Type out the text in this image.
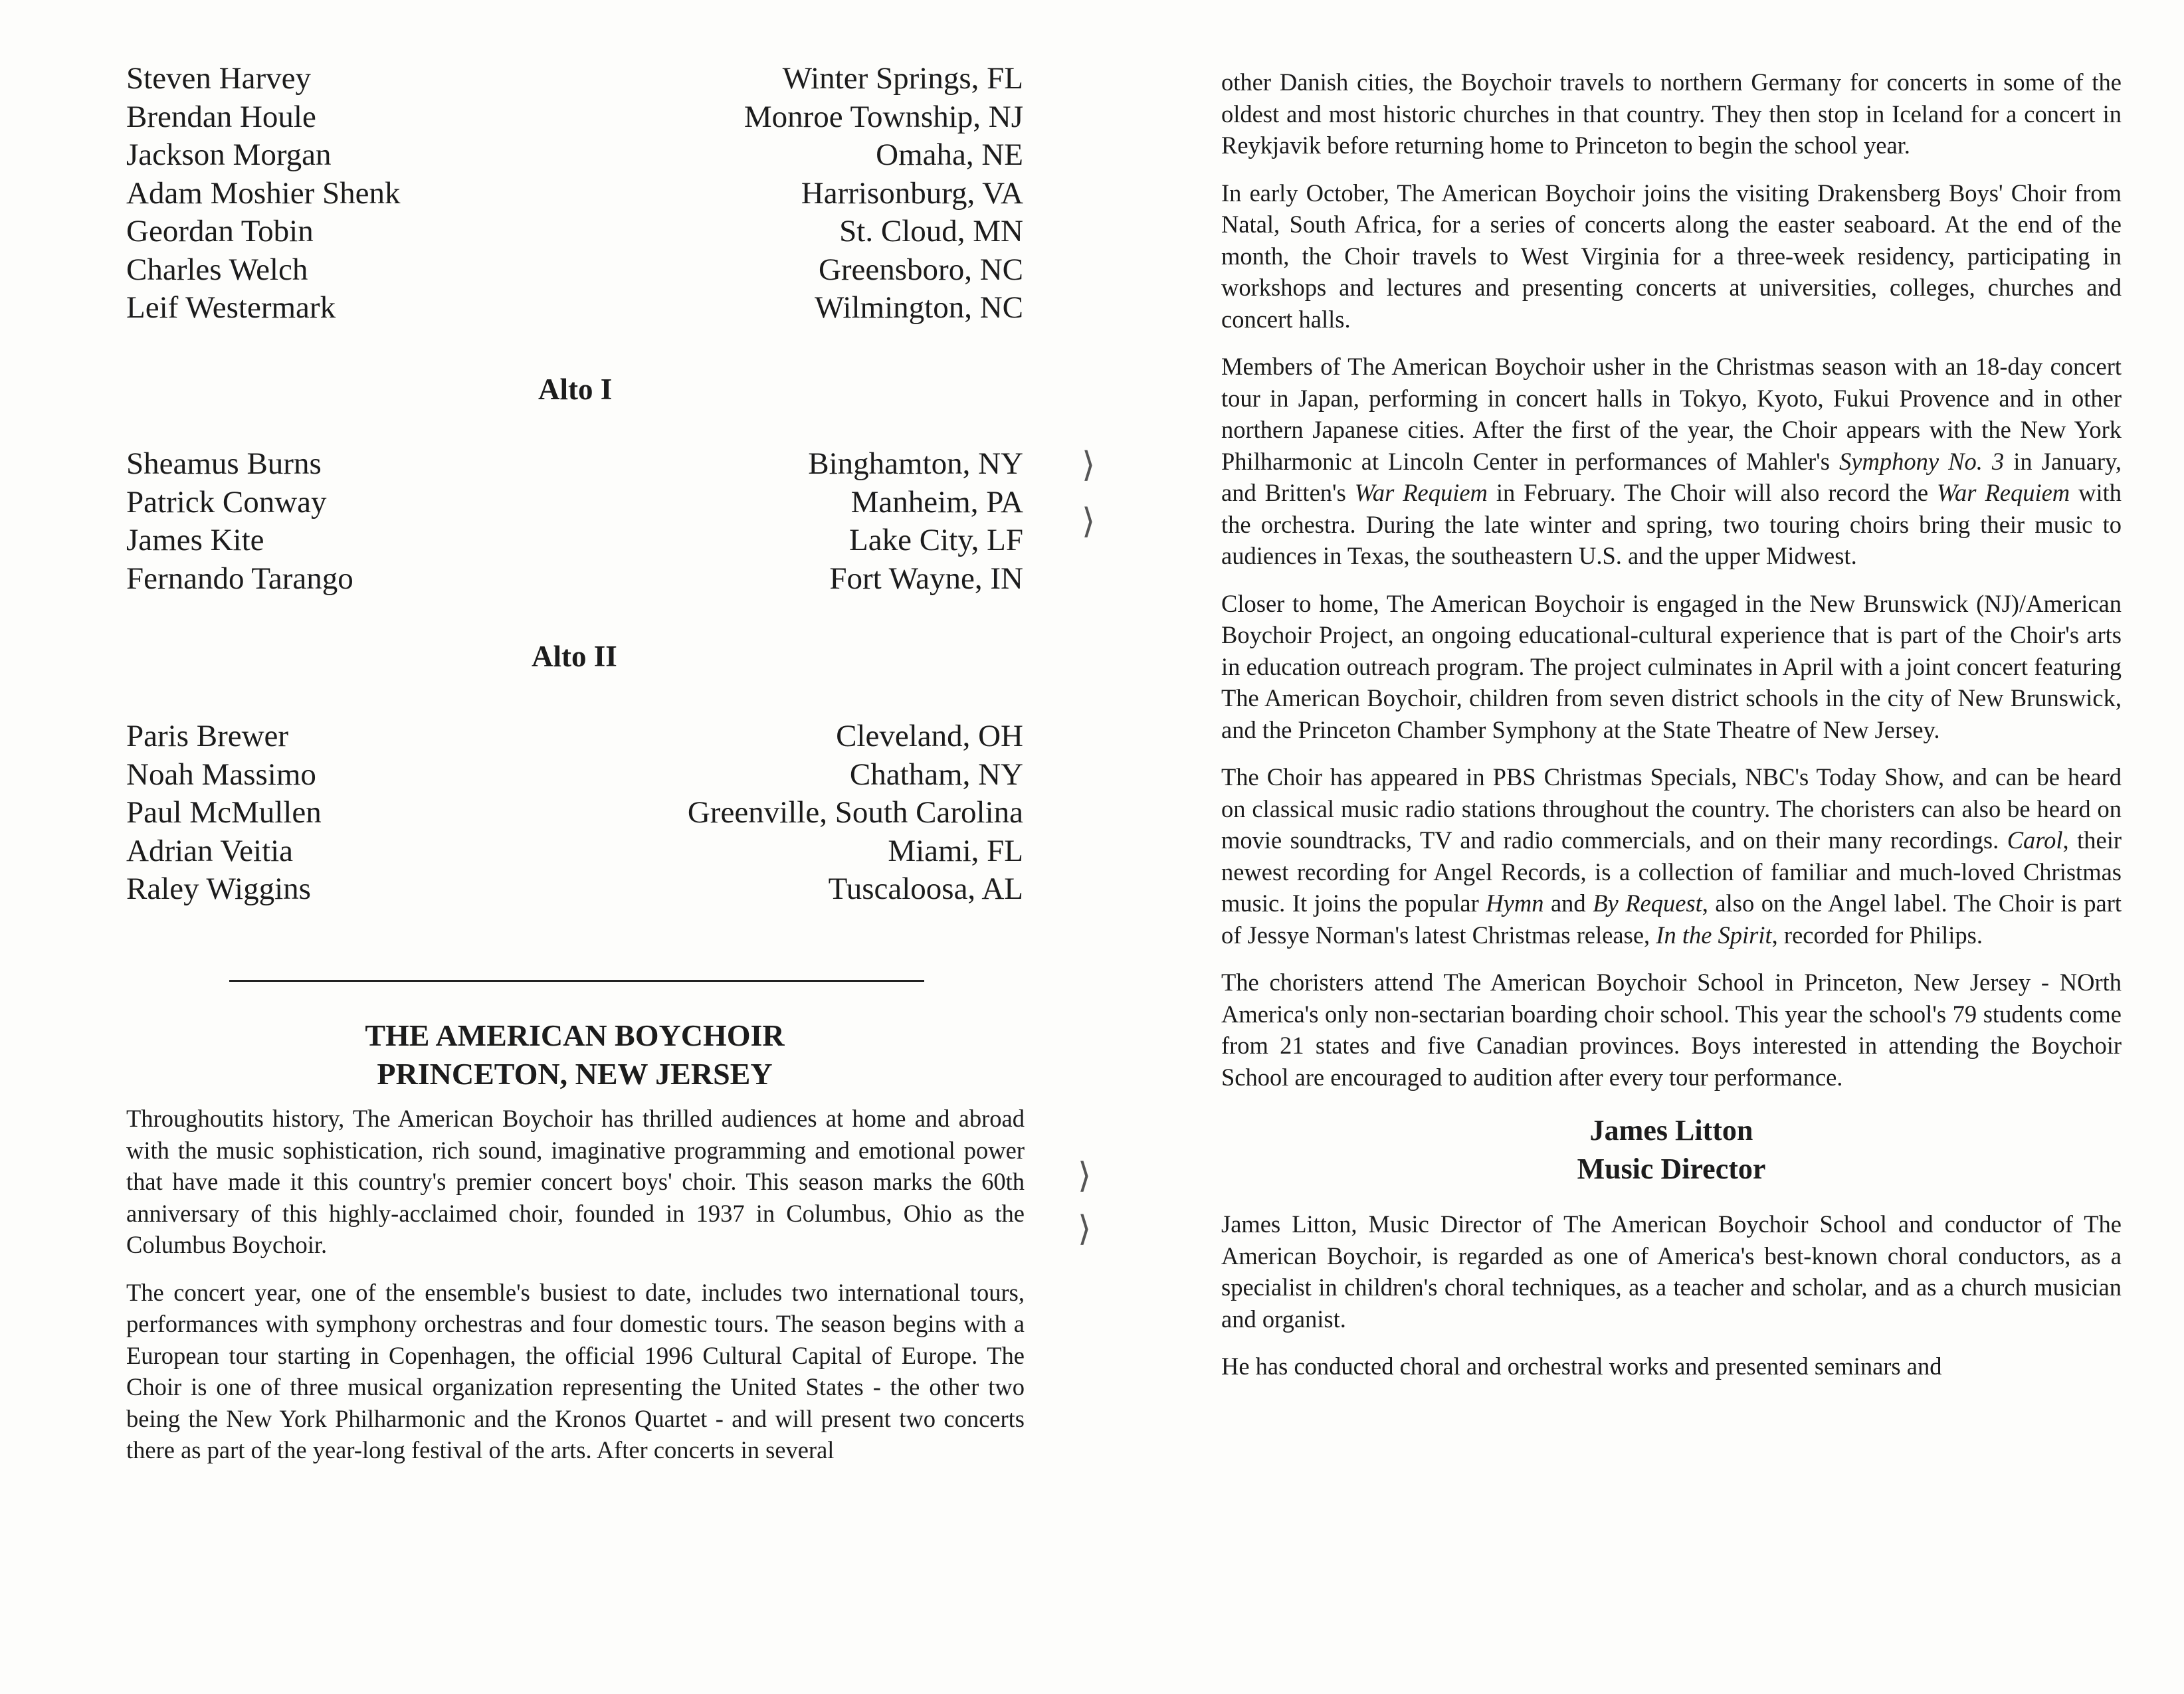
Steven Harvey	Winter Springs, FL
Brendan Houle	Monroe Township, NJ
Jackson Morgan	Omaha, NE
Adam Moshier Shenk	Harrisonburg, VA
Geordan Tobin	St. Cloud, MN
Charles Welch	Greensboro, NC
Leif Westermark	Wilmington, NC
Alto I
Sheamus Burns	Binghamton, NY
Patrick Conway	Manheim, PA
James Kite	Lake City, LF
Fernando Tarango	Fort Wayne, IN
Alto II
Paris Brewer	Cleveland, OH
Noah Massimo	Chatham, NY
Paul McMullen	Greenville, South Carolina
Adrian Veitia	Miami, FL
Raley Wiggins	Tuscaloosa, AL
THE AMERICAN BOYCHOIR
PRINCETON, NEW JERSEY

Throughoutits history, The American Boychoir has thrilled audiences at home and abroad with the music sophistication, rich sound, imaginative programming and emotional power that have made it this country's premier concert boys' choir. This season marks the 60th anniversary of this highly-acclaimed choir, founded in 1937 in Columbus, Ohio as the Columbus Boychoir.

The concert year, one of the ensemble's busiest to date, includes two international tours, performances with symphony orchestras and four domestic tours. The season begins with a European tour starting in Copenhagen, the official 1996 Cultural Capital of Europe. The Choir is one of three musical organization representing the United States - the other two being the New York Philharmonic and the Kronos Quartet - and will present two concerts there as part of the year-long festival of the arts. After concerts in several

⟩
⟩
⟩
⟩

other Danish cities, the Boychoir travels to northern Germany for concerts in some of the oldest and most historic churches in that country. They then stop in Iceland for a concert in Reykjavik before returning home to Princeton to begin the school year.

In early October, The American Boychoir joins the visiting Drakensberg Boys' Choir from Natal, South Africa, for a series of concerts along the easter seaboard. At the end of the month, the Choir travels to West Virginia for a three-week residency, participating in workshops and lectures and presenting concerts at universities, colleges, churches and concert halls.

Members of The American Boychoir usher in the Christmas season with an 18-day concert tour in Japan, performing in concert halls in Tokyo, Kyoto, Fukui Provence and in other northern Japanese cities. After the first of the year, the Choir appears with the New York Philharmonic at Lincoln Center in performances of Mahler's Symphony No. 3 in January, and Britten's War Requiem in February. The Choir will also record the War Requiem with the orchestra. During the late winter and spring, two touring choirs bring their music to audiences in Texas, the southeastern U.S. and the upper Midwest.

Closer to home, The American Boychoir is engaged in the New Brunswick (NJ)/American Boychoir Project, an ongoing educational-cultural experience that is part of the Choir's arts in education outreach program. The project culminates in April with a joint concert featuring The American Boychoir, children from seven district schools in the city of New Brunswick, and the Princeton Chamber Symphony at the State Theatre of New Jersey.

The Choir has appeared in PBS Christmas Specials, NBC's Today Show, and can be heard on classical music radio stations throughout the country. The choristers can also be heard on movie soundtracks, TV and radio commercials, and on their many recordings. Carol, their newest recording for Angel Records, is a collection of familiar and much-loved Christmas music. It joins the popular Hymn and By Request, also on the Angel label. The Choir is part of Jessye Norman's latest Christmas release, In the Spirit, recorded for Philips.

The choristers attend The American Boychoir School in Princeton, New Jersey - NOrth America's only non-sectarian boarding choir school. This year the school's 79 students come from 21 states and five Canadian provinces. Boys interested in attending the Boychoir School are encouraged to audition after every tour performance.

James Litton
Music Director

James Litton, Music Director of The American Boychoir School and conductor of The American Boychoir, is regarded as one of America's best-known choral conductors, as a specialist in children's choral techniques, as a teacher and scholar, and as a church musician and organist.

He has conducted choral and orchestral works and presented seminars and
